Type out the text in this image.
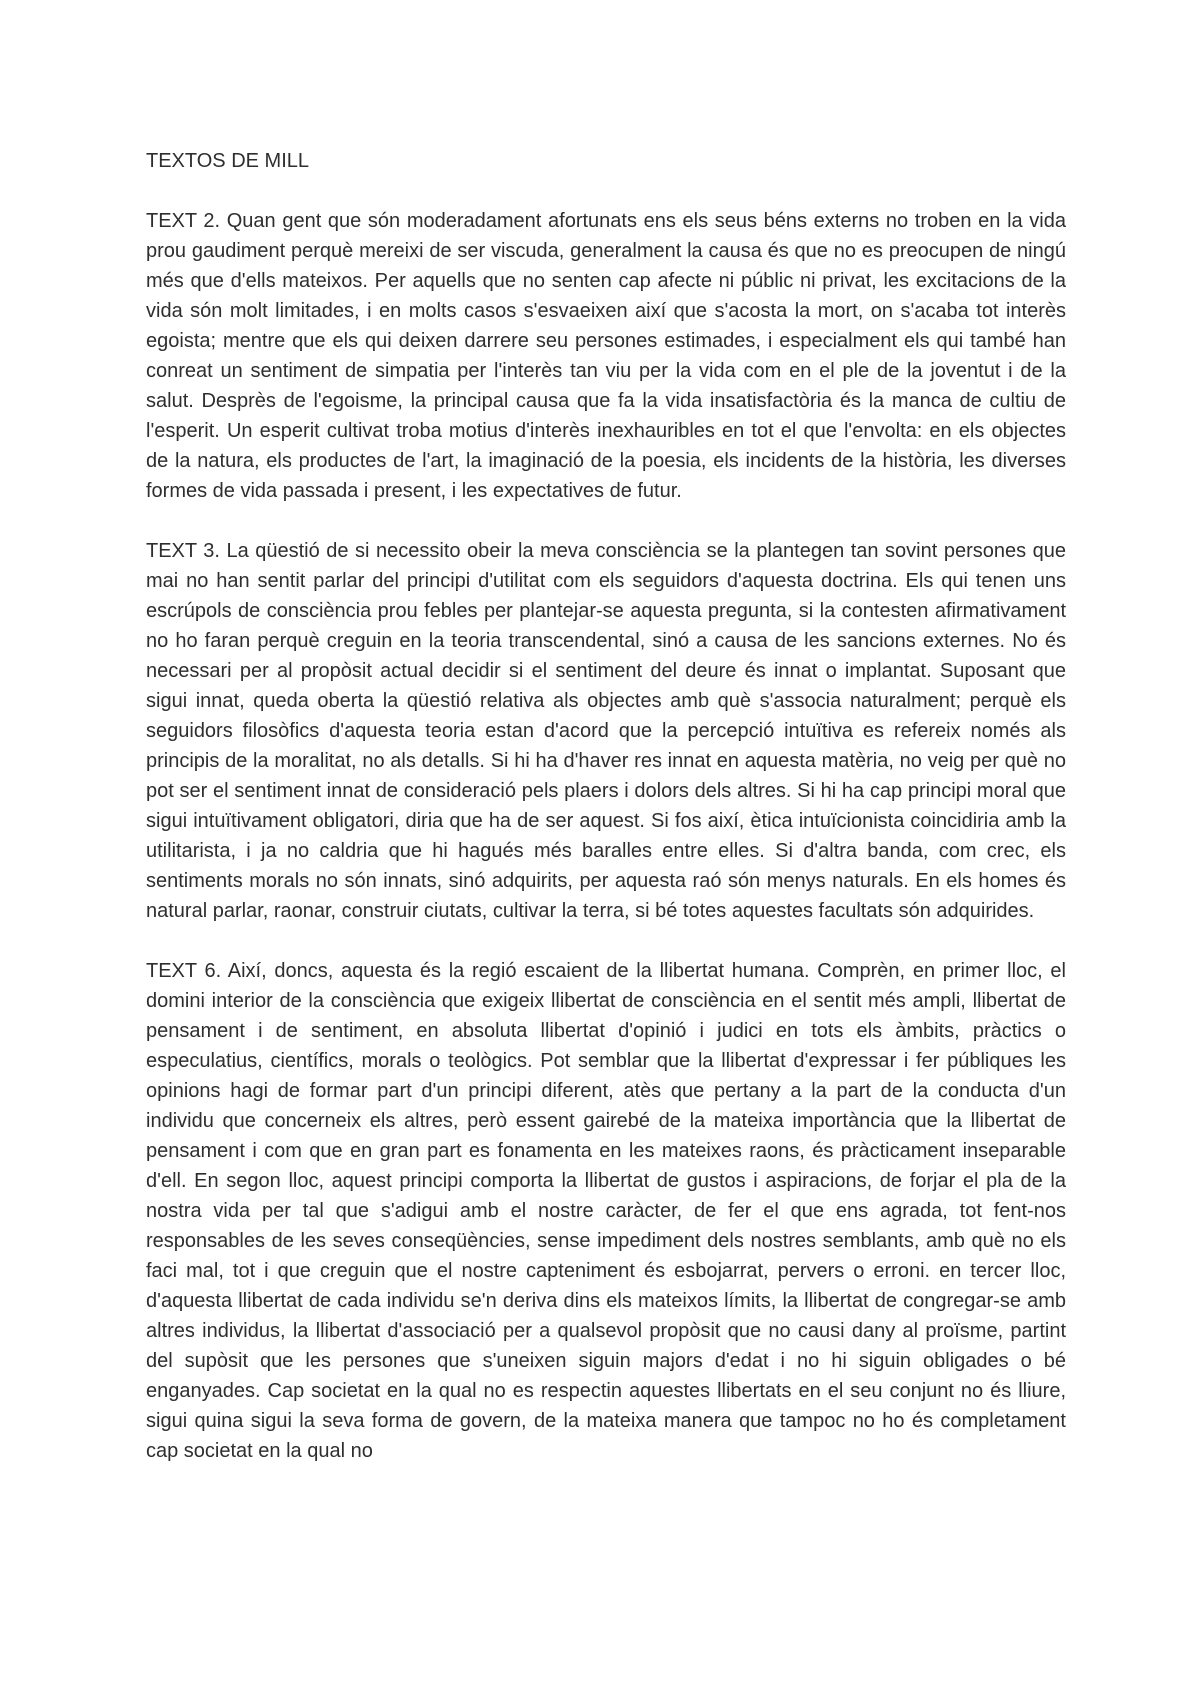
TEXTOS DE MILL

TEXT 2. Quan gent que són moderadament afortunats ens els seus béns externs no troben en la vida prou gaudiment perquè mereixi de ser viscuda, generalment la causa és que no es preocupen de ningú més que d'ells mateixos. Per aquells que no senten cap afecte ni públic ni privat, les excitacions de la vida són molt limitades, i en molts casos s'esvaeixen així que s'acosta la mort, on s'acaba tot interès egoista; mentre que els qui deixen darrere seu persones estimades, i especialment els qui també han conreat un sentiment de simpatia per l'interès tan viu per la vida com en el ple de la joventut i de la salut. Desprès de l'egoisme, la principal causa que fa la vida insatisfactòria és la manca de cultiu de l'esperit. Un esperit cultivat troba motius d'interès inexhauribles en tot el que l'envolta: en els objectes de la natura, els productes de l'art, la imaginació de la poesia, els incidents de la història, les diverses formes de vida passada i present, i les expectatives de futur.

TEXT 3. La qüestió de si necessito obeir la meva consciència se la plantegen tan sovint persones que mai no han sentit parlar del principi d'utilitat com els seguidors d'aquesta doctrina. Els qui tenen uns escrúpols de consciència prou febles per plantejar-se aquesta pregunta, si la contesten afirmativament no ho faran perquè creguin en la teoria transcendental, sinó a causa de les sancions externes. No és necessari per al propòsit actual decidir si el sentiment del deure és innat o implantat. Suposant que sigui innat, queda oberta la qüestió relativa als objectes amb què s'associa naturalment; perquè els seguidors filosòfics d'aquesta teoria estan d'acord que la percepció intuïtiva es refereix només als principis de la moralitat, no als detalls. Si hi ha d'haver res innat en aquesta matèria, no veig per què no pot ser el sentiment innat de consideració pels plaers i dolors dels altres. Si hi ha cap principi moral que sigui intuïtivament obligatori, diria que ha de ser aquest. Si fos així, ètica intuïcionista coincidiria amb la utilitarista, i ja no caldria que hi hagués més baralles entre elles. Si d'altra banda, com crec, els sentiments morals no són innats, sinó adquirits, per aquesta raó són menys naturals. En els homes és natural parlar, raonar, construir ciutats, cultivar la terra, si bé totes aquestes facultats són adquirides.

TEXT 6. Així, doncs, aquesta és la regió escaient de la llibertat humana. Comprèn, en primer lloc, el domini interior de la consciència que exigeix llibertat de consciència en el sentit més ampli, llibertat de pensament i de sentiment, en absoluta llibertat d'opinió i judici en tots els àmbits, pràctics o especulatius, científics, morals o teològics. Pot semblar que la llibertat d'expressar i fer públiques les opinions hagi de formar part d'un principi diferent, atès que pertany a la part de la conducta d'un individu que concerneix els altres, però essent gairebé de la mateixa importància que la llibertat de pensament i com que en gran part es fonamenta en les mateixes raons, és pràcticament inseparable d'ell. En segon lloc, aquest principi comporta la llibertat de gustos i aspiracions, de forjar el pla de la nostra vida per tal que s'adigui amb el nostre caràcter, de fer el que ens agrada, tot fent-nos responsables de les seves conseqüències, sense impediment dels nostres semblants, amb què no els faci mal, tot i que creguin que el nostre capteniment és esbojarrat, pervers o erroni. en tercer lloc, d'aquesta llibertat de cada individu se'n deriva dins els mateixos límits, la llibertat de congregar-se amb altres individus, la llibertat d'associació per a qualsevol propòsit que no causi dany al proïsme, partint del supòsit que les persones que s'uneixen siguin majors d'edat i no hi siguin obligades o bé enganyades. Cap societat en la qual no es respectin aquestes llibertats en el seu conjunt no és lliure, sigui quina sigui la seva forma de govern, de la mateixa manera que tampoc no ho és completament cap societat en la qual no
